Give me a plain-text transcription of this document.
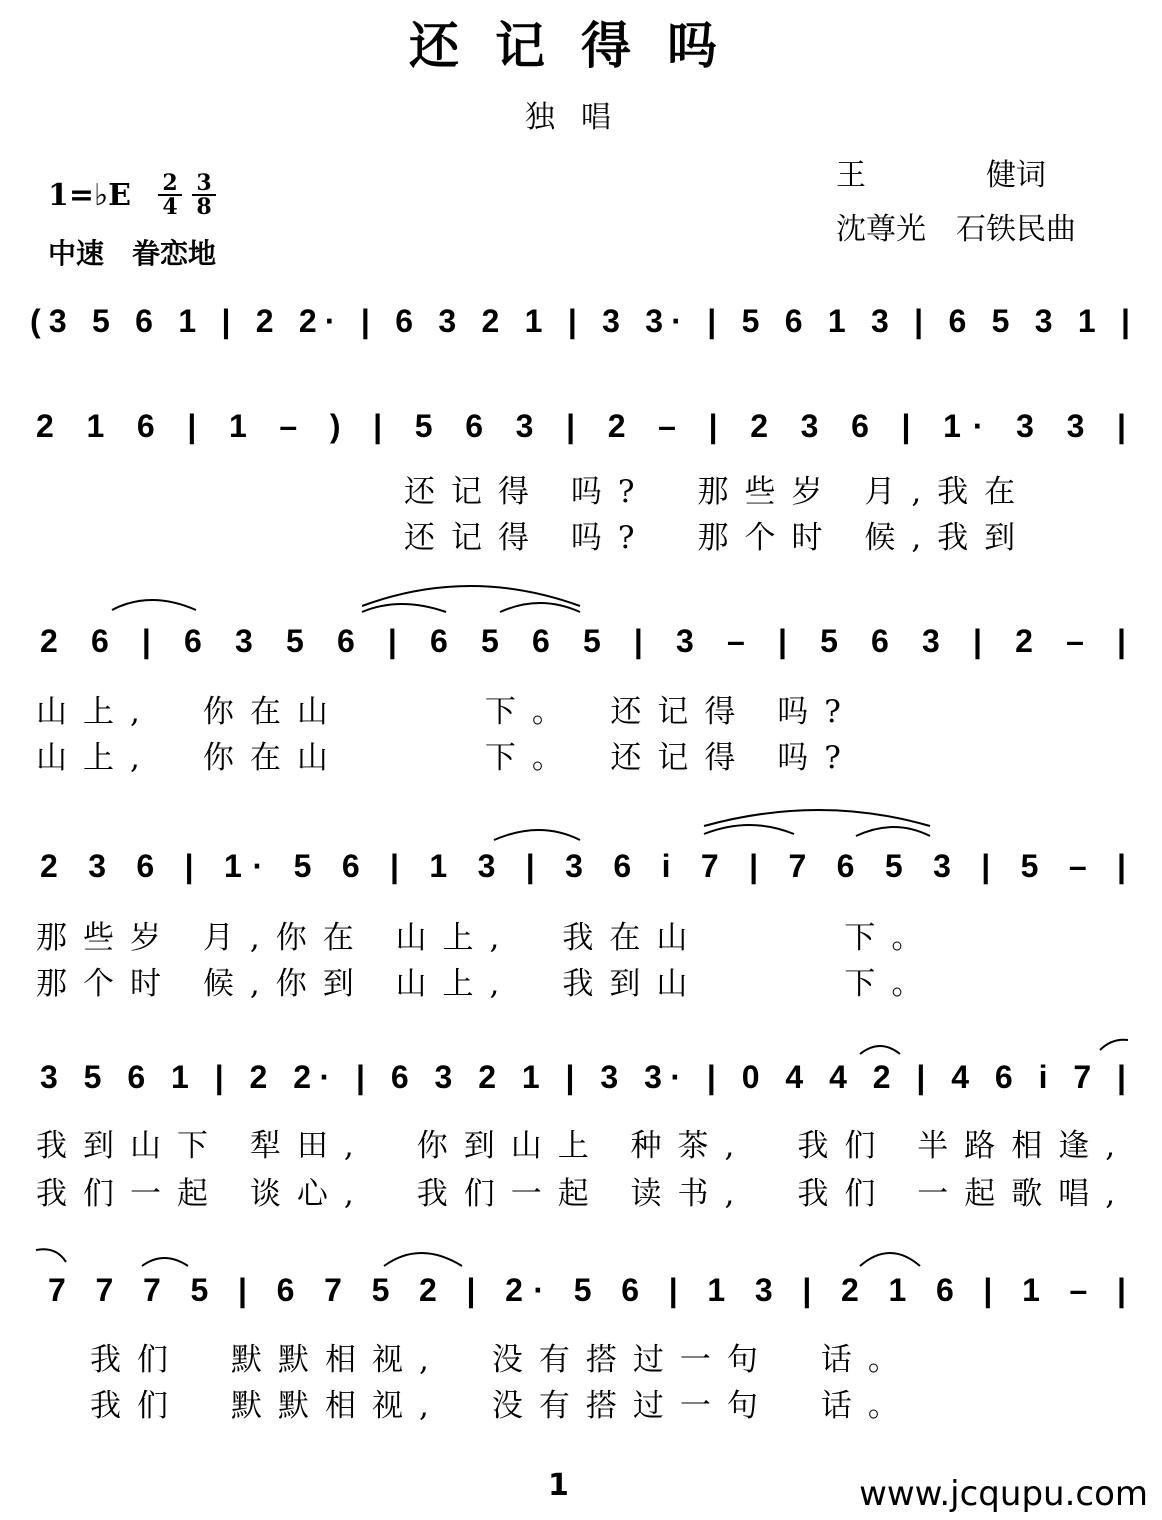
还记得吗
独唱
王　　　　健词
沈尊光　石铁民曲
1=♭E $\frac{2}{4} \frac{3}{8}$
中速　眷恋地
(3 5 6 1 | 2 2· | 6 3 2 1 | 3 3· | 5 6 1 3 | 6 5 3 1 |
2 1 6 | 1 – ) | 5 6 3 | 2 – | 2 3 6 | 1· 3 3 |
2 6 | 6 3 5 6 | 6 5 6 5 | 3 – | 5 6 3 | 2 – |
2 3 6 | 1· 5 6 | 1 3 | 3 6 i 7 | 7 6 5 3 | 5 – |
3 5 6 1 | 2 2· | 6 3 2 1 | 3 3· | 0 4 4 2 | 4 6 i 7 |
7 7 7 5 | 6 7 5 2 | 2· 5 6 | 1 3 | 2 1 6 | 1 – |
还记得 吗?　那些岁 月,我在
还记得 吗?　那个时 候,我到
山上,　你在山　　　下。　还记得 吗?
山上,　你在山　　　下。　还记得 吗?
那些岁 月,你在 山上,　我在山　　　下。
那个时 候,你到 山上,　我到山　　　下。
我到山下 犁田,　你到山上 种茶,　我们 半路相逢,
我们一起 谈心,　我们一起 读书,　我们 一起歌唱,
我们　默默相视,　没有搭过一句　话。
我们　默默相视,　没有搭过一句　话。
1	www.jcqupu.com
